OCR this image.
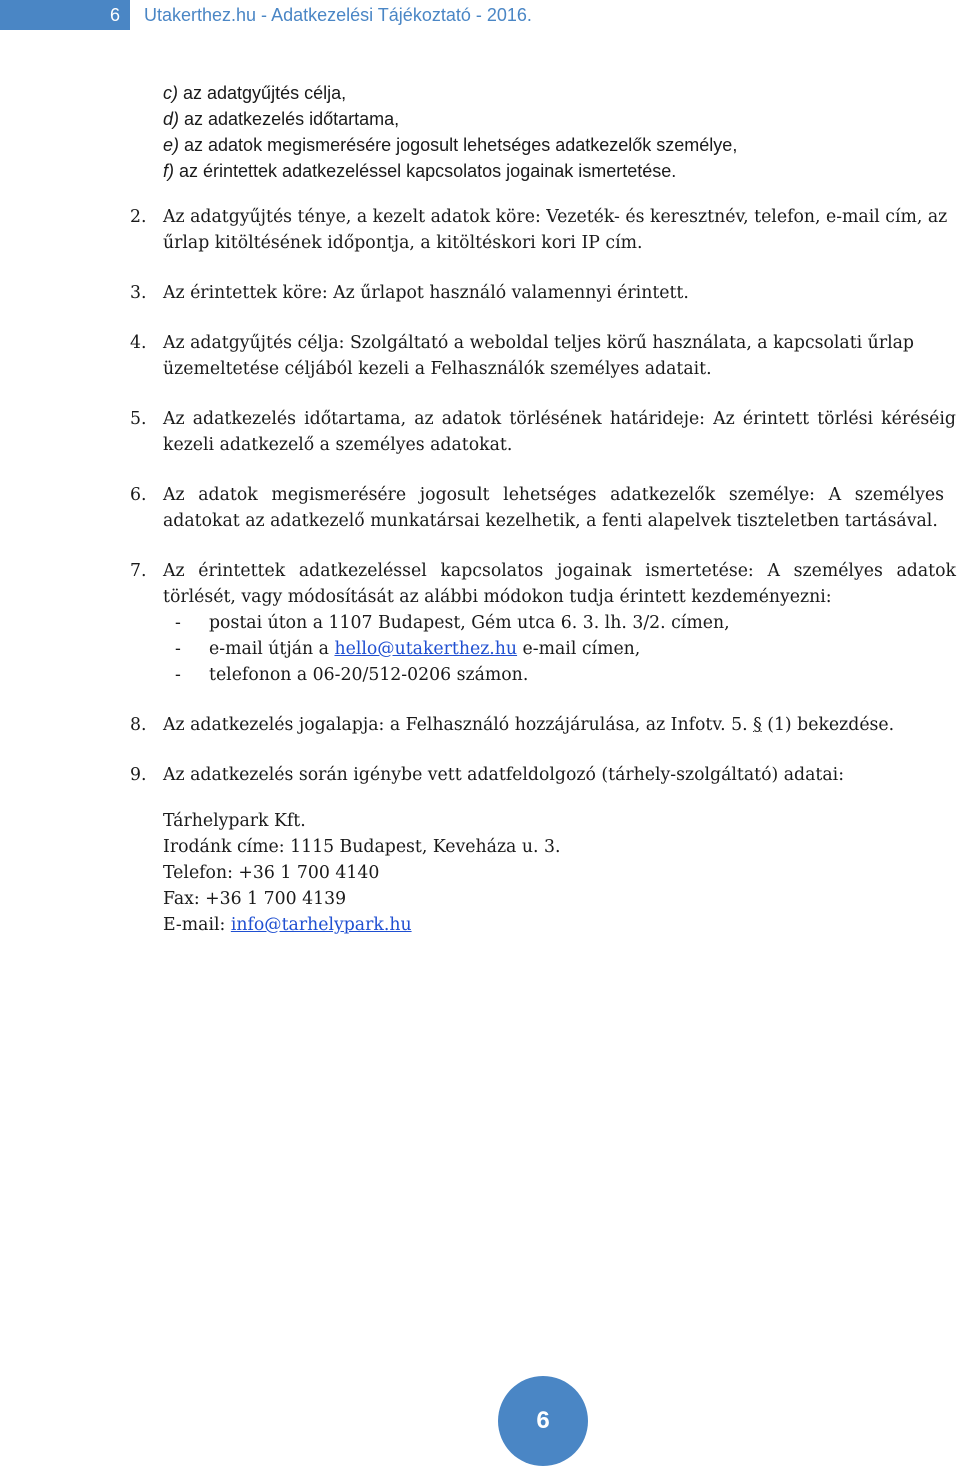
6	Utakerthez.hu - Adatkezelési Tájékoztató - 2016.
c) az adatgyűjtés célja,
d) az adatkezelés időtartama,
e) az adatok megismerésére jogosult lehetséges adatkezelők személye,
f) az érintettek adatkezeléssel kapcsolatos jogainak ismertetése.
2. Az adatgyűjtés ténye, a kezelt adatok köre: Vezeték- és keresztnév, telefon, e-mail cím, az űrlap kitöltésének időpontja, a kitöltéskori kori IP cím.
3. Az érintettek köre: Az űrlapot használó valamennyi érintett.
4. Az adatgyűjtés célja: Szolgáltató a weboldal teljes körű használata, a kapcsolati űrlap üzemeltetése céljából kezeli a Felhasználók személyes adatait.
5. Az adatkezelés időtartama, az adatok törlésének határideje: Az érintett törlési kéréséig kezeli adatkezelő a személyes adatokat.
6. Az adatok megismerésére jogosult lehetséges adatkezelők személye: A személyes adatokat az adatkezelő munkatársai kezelhetik, a fenti alapelvek tiszteletben tartásával.
7. Az érintettek adatkezeléssel kapcsolatos jogainak ismertetése: A személyes adatok törlését, vagy módosítását az alábbi módokon tudja érintett kezdeményezni:
-	postai úton a 1107 Budapest, Gém utca 6. 3. lh. 3/2. címen,
-	e-mail útján a hello@utakerthez.hu e-mail címen,
-	telefonon a 06-20/512-0206 számon.
8. Az adatkezelés jogalapja: a Felhasználó hozzájárulása, az Infotv. 5. § (1) bekezdése.
9. Az adatkezelés során igénybe vett adatfeldolgozó (tárhely-szolgáltató) adatai:
Tárhelypark Kft.
Irodánk címe: 1115 Budapest, Keveháza u. 3.
Telefon: +36 1 700 4140
Fax: +36 1 700 4139
E-mail: info@tarhelypark.hu
6
